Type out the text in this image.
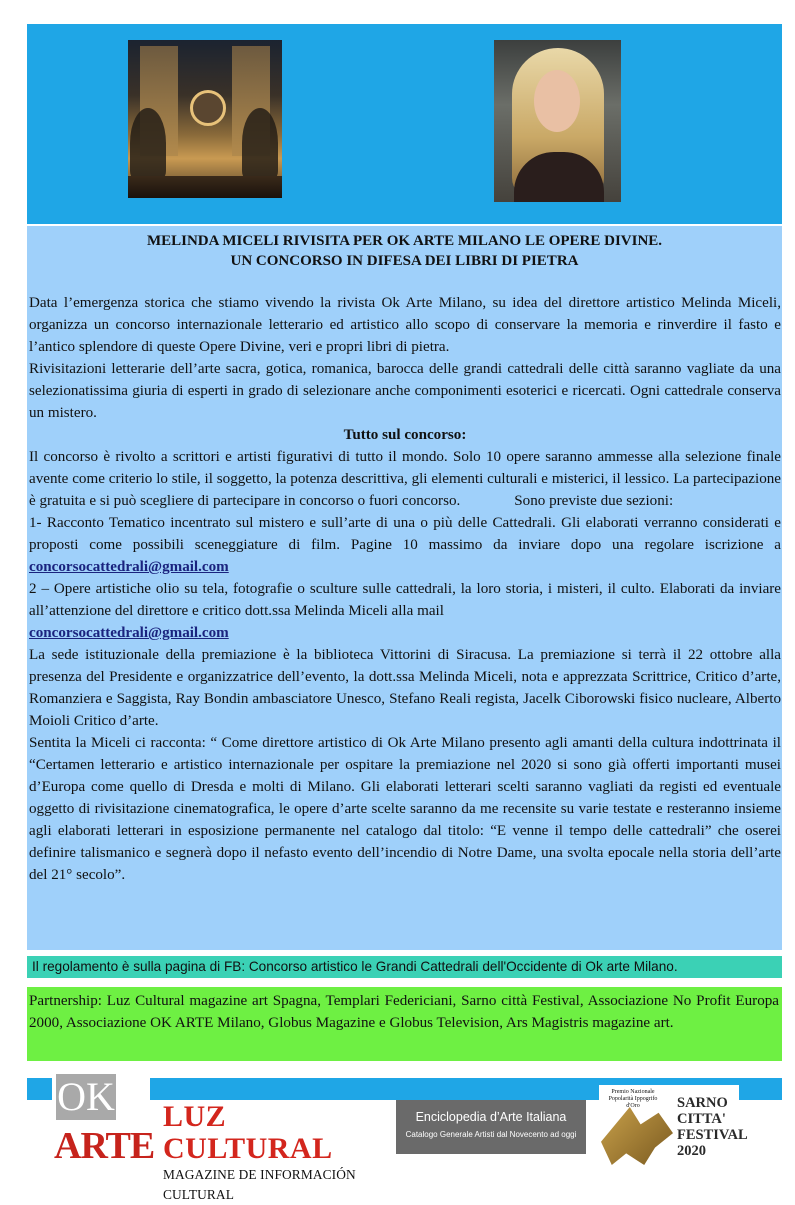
MELINDA MICELI RIVISITA PER OK ARTE MILANO LE OPERE DIVINE.
UN CONCORSO IN DIFESA DEI LIBRI DI PIETRA

Data l’emergenza storica che stiamo vivendo la rivista Ok Arte Milano, su idea del direttore artistico Melinda Miceli, organizza un concorso internazionale letterario ed artistico allo scopo di conservare la memoria e rinverdire il fasto e l’antico splendore di queste Opere Divine, veri e propri libri di pietra.

Rivisitazioni letterarie dell’arte sacra, gotica, romanica, barocca delle grandi cattedrali delle città saranno vagliate da una selezionatissima giuria di esperti in grado di selezionare anche componimenti esoterici e ricercati. Ogni cattedrale conserva un mistero.

Tutto sul concorso:

Il concorso è rivolto a scrittori e artisti figurativi di tutto il mondo. Solo 10 opere saranno ammesse alla selezione finale avente come criterio lo stile, il soggetto, la potenza descrittiva, gli elementi culturali e misterici, il lessico. La partecipazione è gratuita e si può scegliere di partecipare in concorso o fuori concorso.	Sono previste due sezioni:

1- Racconto Tematico incentrato sul mistero e sull’arte di una o più delle Cattedrali. Gli elaborati verranno considerati e proposti come possibili sceneggiature di film. Pagine 10 massimo da inviare dopo una regolare iscrizione a concorsocattedrali@gmail.com

2 – Opere artistiche olio su tela, fotografie o sculture sulle cattedrali, la loro storia, i misteri, il culto. Elaborati da inviare all’attenzione del direttore e critico dott.ssa Melinda Miceli alla mail
concorsocattedrali@gmail.com

La sede istituzionale della premiazione è la biblioteca Vittorini di Siracusa. La premiazione si terrà il 22 ottobre alla presenza del Presidente e organizzatrice dell’evento, la dott.ssa Melinda Miceli, nota e apprezzata Scrittrice, Critico d’arte, Romanziera e Saggista, Ray Bondin ambasciatore Unesco, Stefano Reali regista, Jacelk Ciborowski fisico nucleare, Alberto Moioli Critico d’arte.

Sentita la Miceli ci racconta: “ Come direttore artistico di Ok Arte Milano presento agli amanti della cultura indottrinata il “Certamen letterario e artistico internazionale per ospitare la premiazione nel 2020 si sono già offerti importanti musei d’Europa come quello di Dresda e molti di Milano. Gli elaborati letterari scelti saranno vagliati da registi ed eventuale oggetto di rivisitazione cinematografica, le opere d’arte scelte saranno da me recensite su varie testate e resteranno insieme agli elaborati letterari in esposizione permanente nel catalogo dal titolo: “E venne il tempo delle cattedrali” che oserei definire talismanico e segnerà dopo il nefasto evento dell’incendio di Notre Dame, una svolta epocale nella storia dell’arte del 21° secolo”.

Il regolamento è sulla pagina di FB: Concorso artistico le Grandi Cattedrali dell'Occidente di Ok arte Milano.

Partnership: Luz Cultural magazine art Spagna, Templari Federiciani, Sarno città Festival, Associazione No Profit Europa 2000, Associazione OK ARTE Milano, Globus Magazine e Globus Television, Ars Magistris magazine art.

OK
ARTE
LUZ CULTURAL
MAGAZINE DE INFORMACIÓN CULTURAL
Enciclopedia d’Arte Italiana
Catalogo Generale Artisti dal Novecento ad oggi
Premio Nazionale Popolarità Ippogrifo d'Oro	SARNO
CITTA'
FESTIVAL
2020
